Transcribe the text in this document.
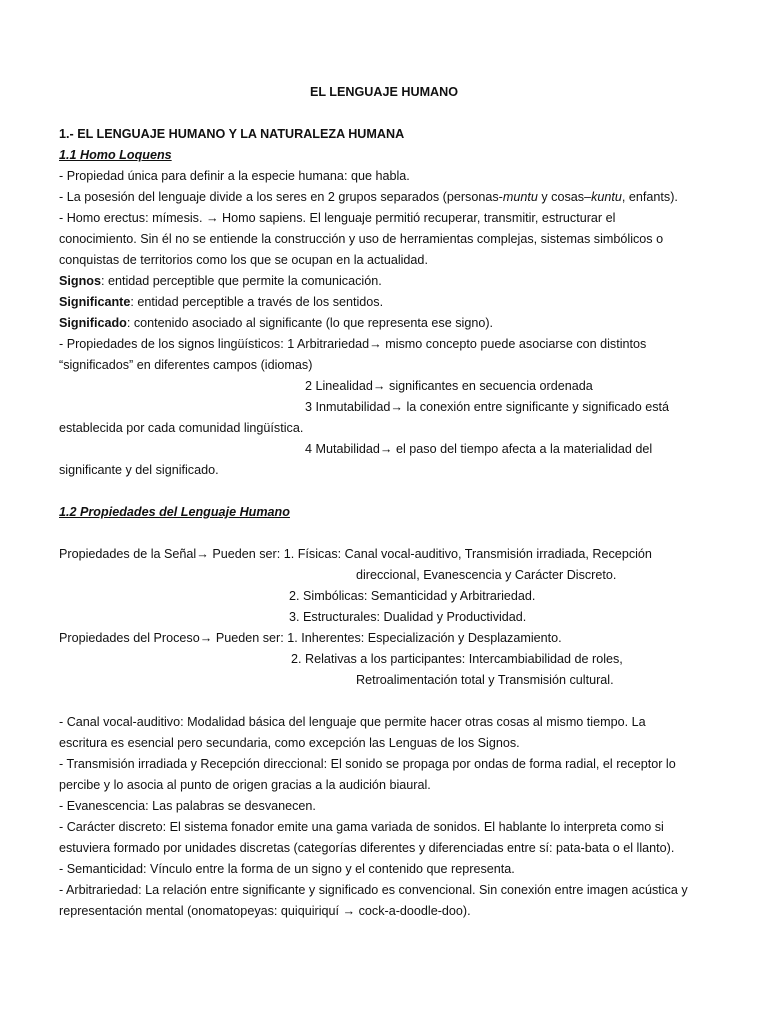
EL LENGUAJE HUMANO
1.- EL LENGUAJE HUMANO Y LA NATURALEZA HUMANA
1.1 Homo Loquens
- Propiedad única para definir a la especie humana: que habla.
- La posesión del lenguaje divide a los seres en 2 grupos separados (personas-muntu y cosas–kuntu, enfants).
- Homo erectus: mímesis. → Homo sapiens. El lenguaje permitió recuperar, transmitir, estructurar el
conocimiento. Sin él no se entiende la construcción y uso de herramientas complejas, sistemas simbólicos o
conquistas de territorios como los que se ocupan en la actualidad.
Signos: entidad perceptible que permite la comunicación.
Significante: entidad perceptible a través de los sentidos.
Significado: contenido asociado al significante (lo que representa ese signo).
- Propiedades de los signos lingüísticos: 1 Arbitrariedad→ mismo concepto puede asociarse con distintos
“significados” en diferentes campos (idiomas)
2 Linealidad→ significantes en secuencia ordenada
3 Inmutabilidad→ la conexión entre significante y significado está
establecida por cada comunidad lingüística.
4 Mutabilidad→ el paso del tiempo afecta a la materialidad del
significante y del significado.
1.2 Propiedades del Lenguaje Humano
Propiedades de la Señal→ Pueden ser: 1. Físicas: Canal vocal-auditivo, Transmisión irradiada, Recepción
direccional, Evanescencia y Carácter Discreto.
2. Simbólicas: Semanticidad y Arbitrariedad.
3. Estructurales: Dualidad y Productividad.
Propiedades del Proceso→ Pueden ser: 1. Inherentes: Especialización y Desplazamiento.
2. Relativas a los participantes: Intercambiabilidad de roles,
Retroalimentación total y Transmisión cultural.
- Canal vocal-auditivo: Modalidad básica del lenguaje que permite hacer otras cosas al mismo tiempo. La
escritura es esencial pero secundaria, como excepción las Lenguas de los Signos.
- Transmisión irradiada y Recepción direccional: El sonido se propaga por ondas de forma radial, el receptor lo
percibe y lo asocia al punto de origen gracias a la audición biaural.
- Evanescencia: Las palabras se desvanecen.
- Carácter discreto: El sistema fonador emite una gama variada de sonidos. El hablante lo interpreta como si
estuviera formado por unidades discretas (categorías diferentes y diferenciadas entre sí: pata-bata o el llanto).
- Semanticidad: Vínculo entre la forma de un signo y el contenido que representa.
- Arbitrariedad: La relación entre significante y significado es convencional. Sin conexión entre imagen acústica y
representación mental (onomatopeyas: quiquiriquí → cock-a-doodle-doo).
